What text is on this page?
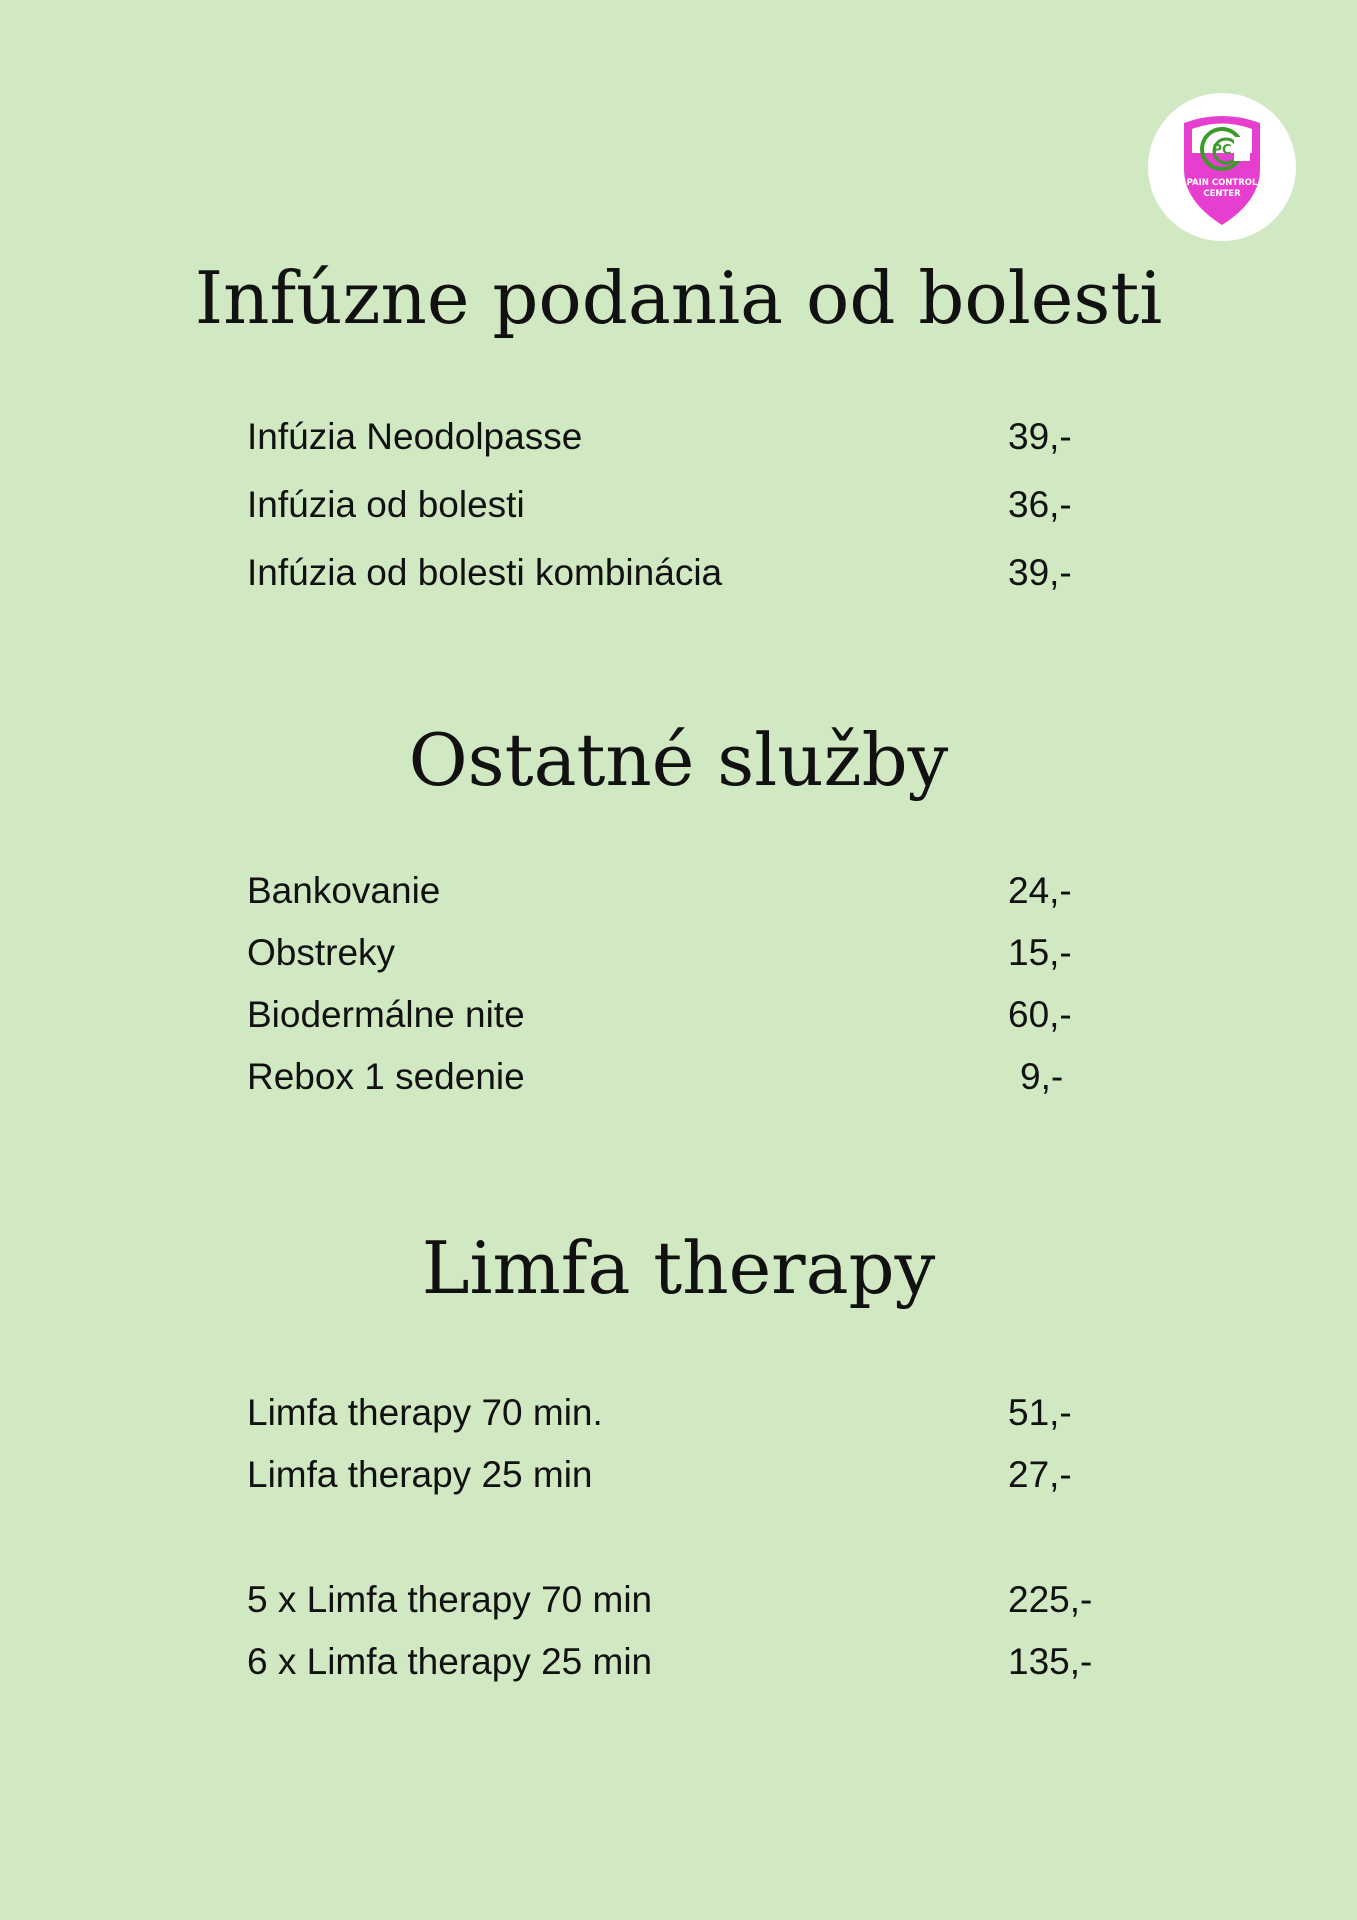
PC
PAIN CONTROL
CENTER
Infúzne podania od bolesti
Infúzia Neodolpasse	39,-
Infúzia od bolesti	36,-
Infúzia od bolesti kombinácia	39,-
Ostatné služby
Bankovanie	24,-
Obstreky	15,-
Biodermálne nite	60,-
Rebox 1 sedenie	9,-
Limfa therapy
Limfa therapy 70 min.	51,-
Limfa therapy 25 min	27,-
5 x Limfa therapy 70 min	225,-
6 x Limfa therapy 25 min	135,-
